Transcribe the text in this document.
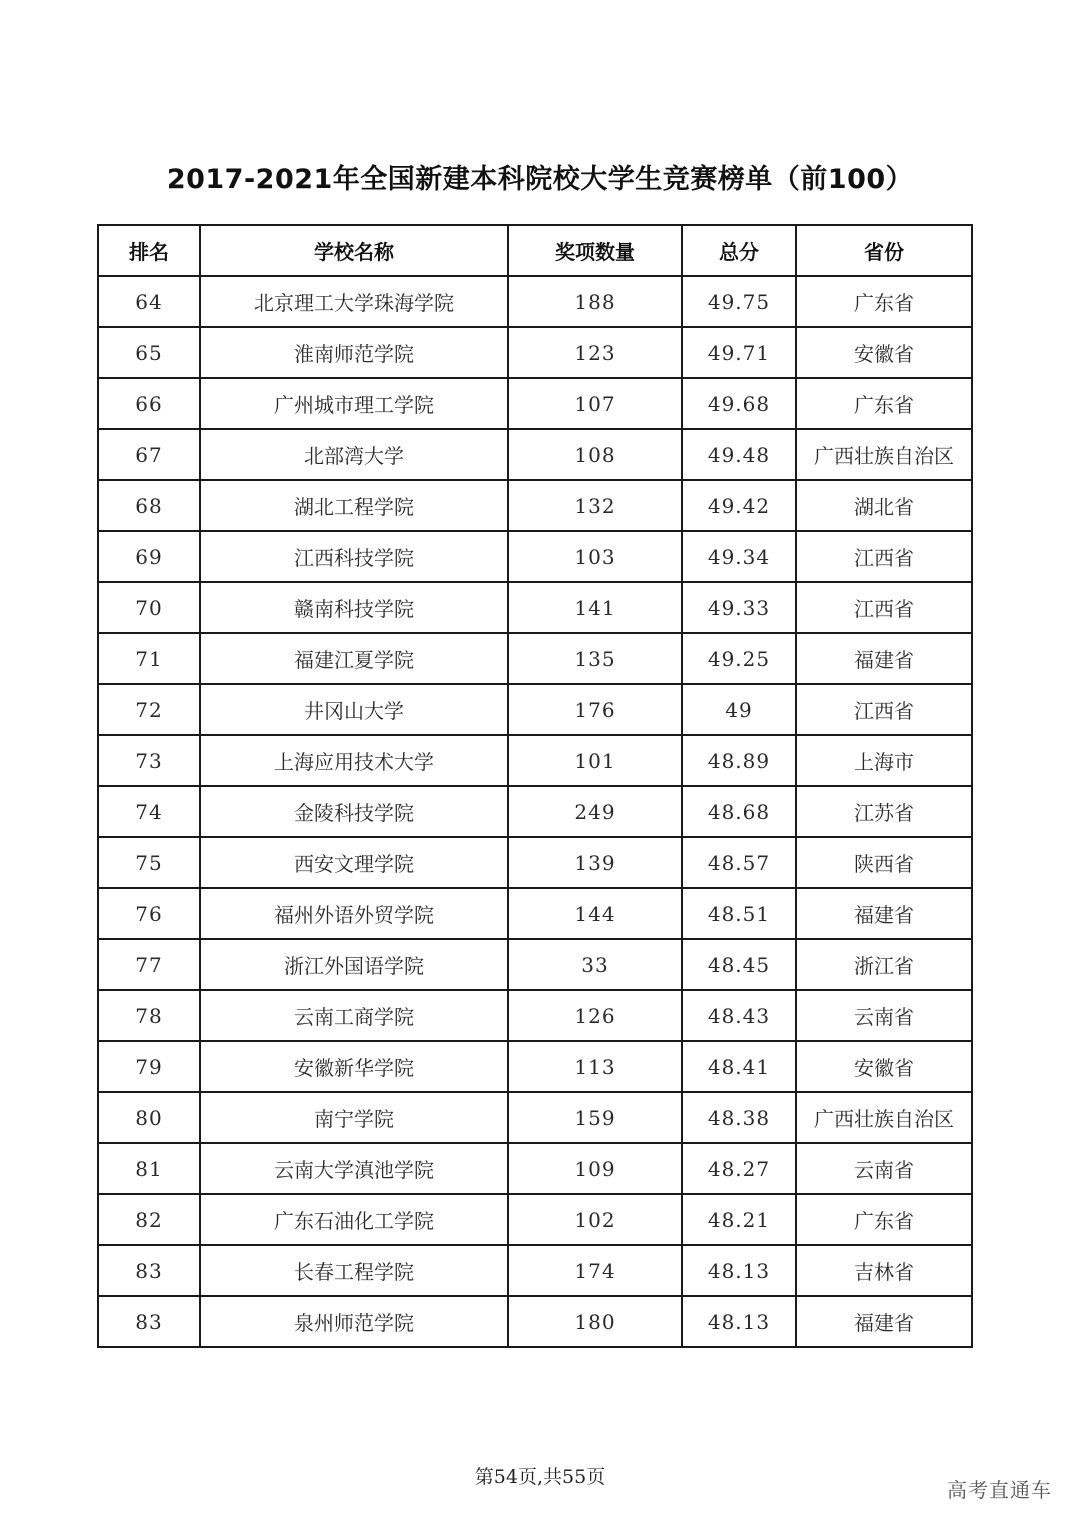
2017-2021年全国新建本科院校大学生竞赛榜单（前100）
排名	学校名称	奖项数量	总分	省份
64	北京理工大学珠海学院	188	49.75	广东省
65	淮南师范学院	123	49.71	安徽省
66	广州城市理工学院	107	49.68	广东省
67	北部湾大学	108	49.48	广西壮族自治区
68	湖北工程学院	132	49.42	湖北省
69	江西科技学院	103	49.34	江西省
70	赣南科技学院	141	49.33	江西省
71	福建江夏学院	135	49.25	福建省
72	井冈山大学	176	49	江西省
73	上海应用技术大学	101	48.89	上海市
74	金陵科技学院	249	48.68	江苏省
75	西安文理学院	139	48.57	陕西省
76	福州外语外贸学院	144	48.51	福建省
77	浙江外国语学院	33	48.45	浙江省
78	云南工商学院	126	48.43	云南省
79	安徽新华学院	113	48.41	安徽省
80	南宁学院	159	48.38	广西壮族自治区
81	云南大学滇池学院	109	48.27	云南省
82	广东石油化工学院	102	48.21	广东省
83	长春工程学院	174	48.13	吉林省
83	泉州师范学院	180	48.13	福建省
第54页,共55页
高考直通车
